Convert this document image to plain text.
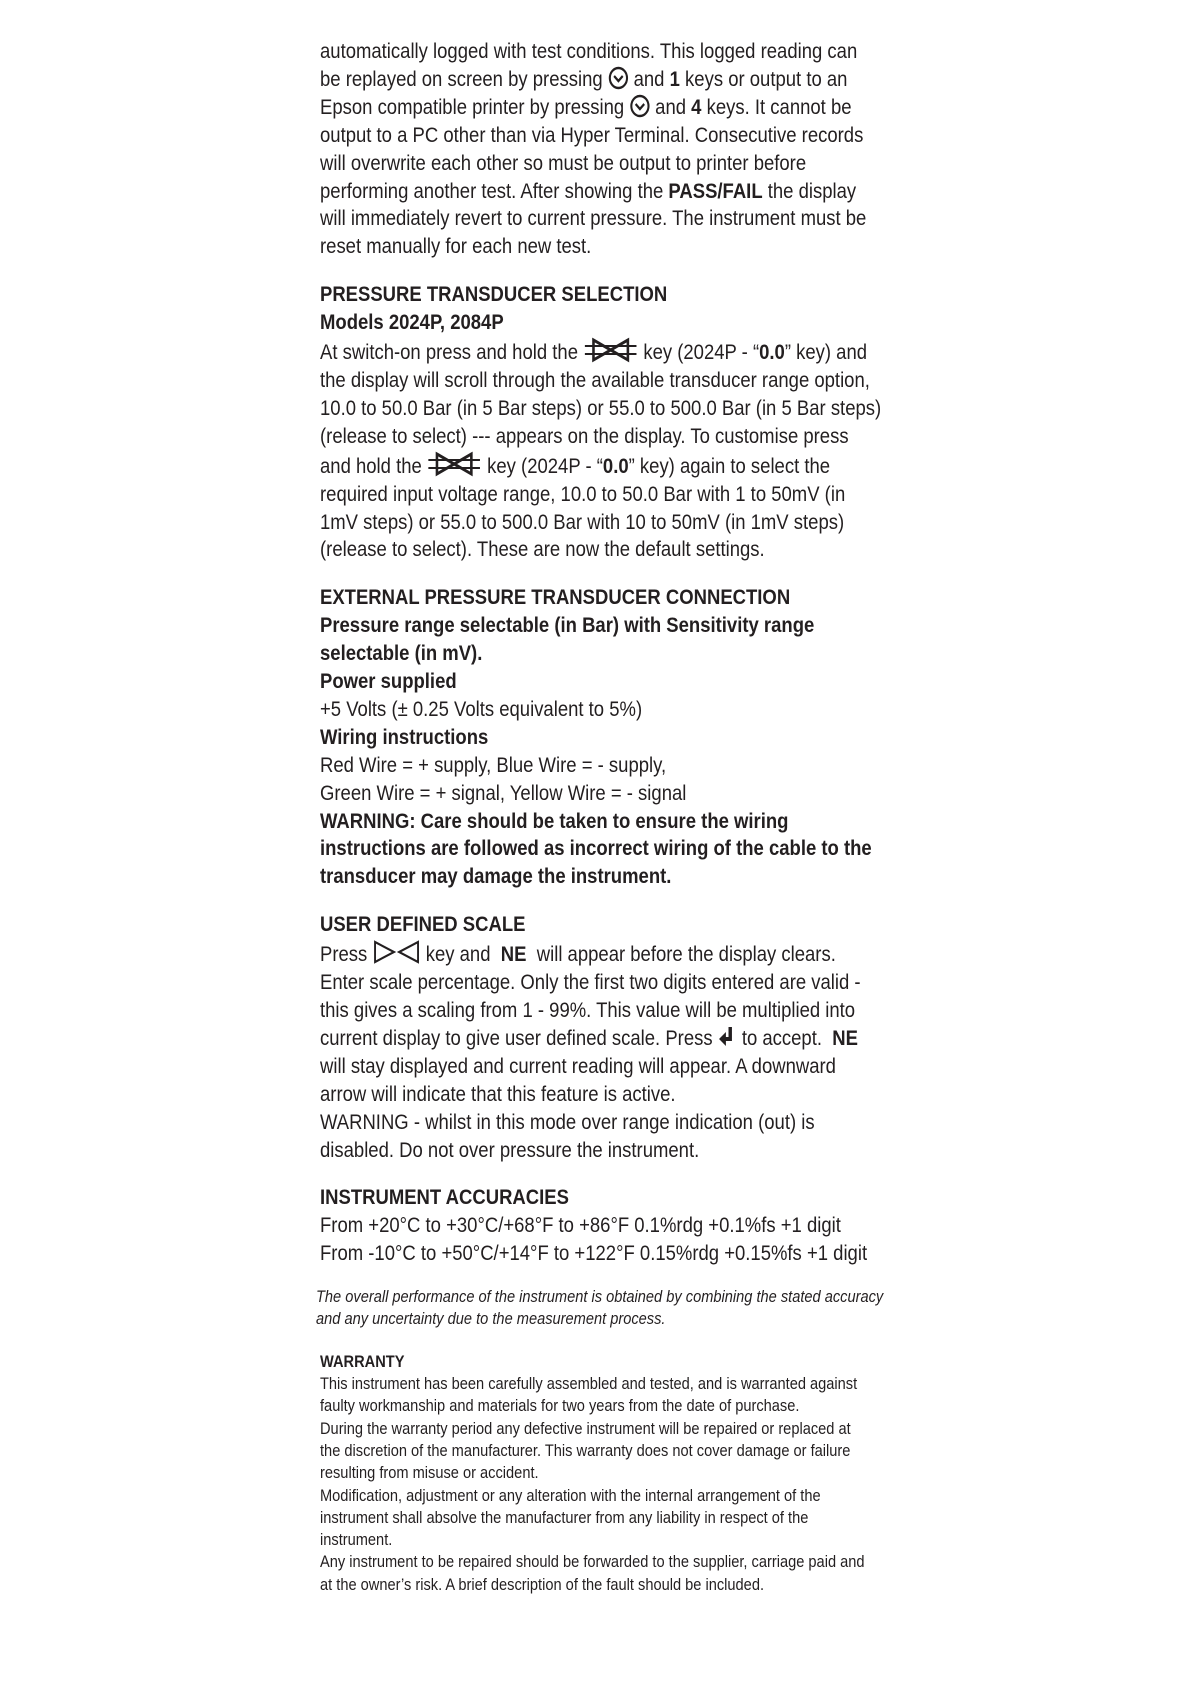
automatically logged with test conditions. This logged reading can
be replayed on screen by pressing and 1 keys or output to an
Epson compatible printer by pressing and 4 keys. It cannot be
output to a PC other than via Hyper Terminal. Consecutive records
will overwrite each other so must be output to printer before
performing another test. After showing the PASS/FAIL the display
will immediately revert to current pressure. The instrument must be
reset manually for each new test.
PRESSURE TRANSDUCER SELECTION
Models 2024P, 2084P
At switch-on press and hold the	key (2024P - “0.0” key) and
the display will scroll through the available transducer range option,
10.0 to 50.0 Bar (in 5 Bar steps) or 55.0 to 500.0 Bar (in 5 Bar steps)
(release to select) --- appears on the display. To customise press
and hold the	key (2024P - “0.0” key) again to select the
required input voltage range, 10.0 to 50.0 Bar with 1 to 50mV (in
1mV steps) or 55.0 to 500.0 Bar with 10 to 50mV (in 1mV steps)
(release to select). These are now the default settings.
EXTERNAL PRESSURE TRANSDUCER CONNECTION
Pressure range selectable (in Bar) with Sensitivity range
selectable (in mV).
Power supplied
+5 Volts (± 0.25 Volts equivalent to 5%)
Wiring instructions
Red Wire = + supply, Blue Wire = - supply,
Green Wire = + signal, Yellow Wire = - signal
WARNING: Care should be taken to ensure the wiring
instructions are followed as incorrect wiring of the cable to the
transducer may damage the instrument.
USER DEFINED SCALE
Press	key and NE will appear before the display clears.
Enter scale percentage. Only the first two digits entered are valid -
this gives a scaling from 1 - 99%. This value will be multiplied into
current display to give user defined scale. Press to accept. NE
will stay displayed and current reading will appear. A downward
arrow will indicate that this feature is active.
WARNING - whilst in this mode over range indication (out) is
disabled. Do not over pressure the instrument.
INSTRUMENT ACCURACIES
From +20°C to +30°C/+68°F to +86°F 0.1%rdg +0.1%fs +1 digit
From -10°C to +50°C/+14°F to +122°F 0.15%rdg +0.15%fs +1 digit
The overall performance of the instrument is obtained by combining the stated accuracy
and any uncertainty due to the measurement process.
WARRANTY
This instrument has been carefully assembled and tested, and is warranted against
faulty workmanship and materials for two years from the date of purchase.
During the warranty period any defective instrument will be repaired or replaced at
the discretion of the manufacturer. This warranty does not cover damage or failure
resulting from misuse or accident.
Modification, adjustment or any alteration with the internal arrangement of the
instrument shall absolve the manufacturer from any liability in respect of the
instrument.
Any instrument to be repaired should be forwarded to the supplier, carriage paid and
at the owner’s risk. A brief description of the fault should be included.
